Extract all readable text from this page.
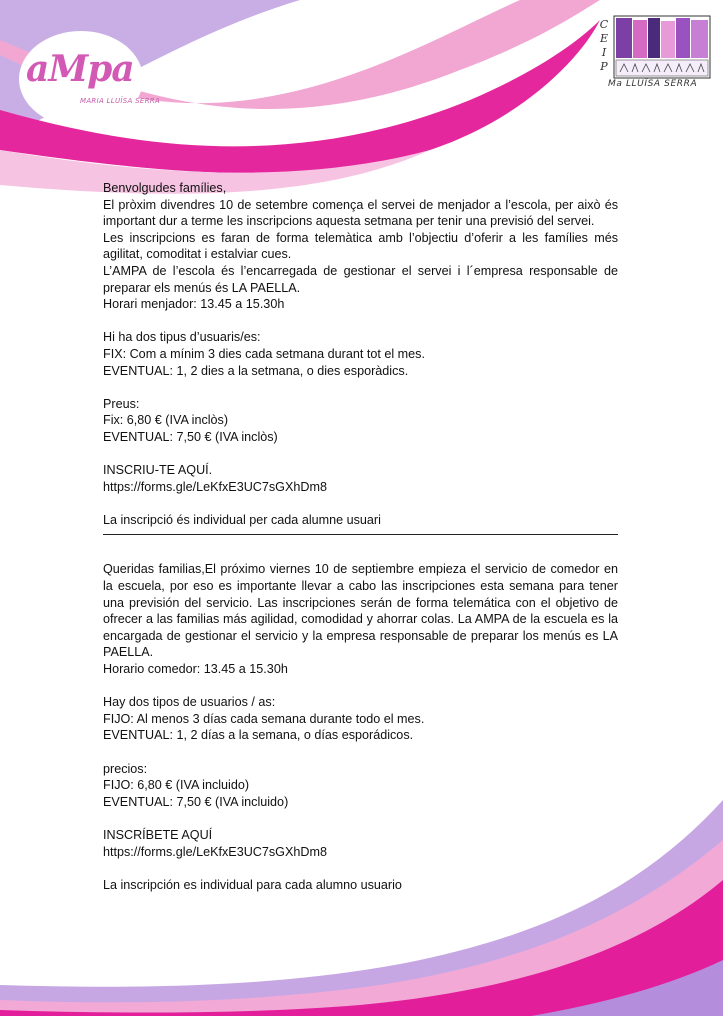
aMpa
MARIA LLUÏSA SERRA
C
E
I
P
Ma LLUÏSA SERRA

Benvolgudes famílies,

El pròxim divendres 10 de setembre comença el servei de menjador a l’escola, per això és important dur a terme les inscripcions aquesta setmana per tenir una previsió del servei.

Les inscripcions es faran de forma telemàtica amb l’objectiu d’oferir a les famílies més agilitat, comoditat i estalviar cues.

L’AMPA de l’escola és l’encarregada de gestionar el servei i l´empresa responsable de preparar els menús és LA PAELLA.

Horari menjador: 13.45 a 15.30h

Hi ha dos tipus d’usuaris/es:

FIX: Com a mínim 3 dies cada setmana durant tot el mes.

EVENTUAL: 1, 2 dies a la setmana, o dies esporàdics.

Preus:

Fix: 6,80 € (IVA inclòs)

EVENTUAL: 7,50 € (IVA inclòs)

INSCRIU-TE AQUÍ.

https://forms.gle/LeKfxE3UC7sGXhDm8

La inscripció és individual per cada alumne usuari

Queridas familias,El próximo viernes 10 de septiembre empieza el servicio de comedor en la escuela, por eso es importante llevar a cabo las inscripciones esta semana para tener una previsión del servicio. Las inscripciones serán de forma telemática con el objetivo de ofrecer a las familias más agilidad, comodidad y ahorrar colas. La AMPA de la escuela es la encargada de gestionar el servicio y la empresa responsable de preparar los menús es LA PAELLA.

Horario comedor: 13.45 a 15.30h

Hay dos tipos de usuarios / as:

FIJO: Al menos 3 días cada semana durante todo el mes.

EVENTUAL: 1, 2 días a la semana, o días esporádicos.

precios:

FIJO: 6,80 € (IVA incluido)

EVENTUAL: 7,50 € (IVA incluido)

INSCRÍBETE AQUÍ

https://forms.gle/LeKfxE3UC7sGXhDm8

La inscripción es individual para cada alumno usuario
